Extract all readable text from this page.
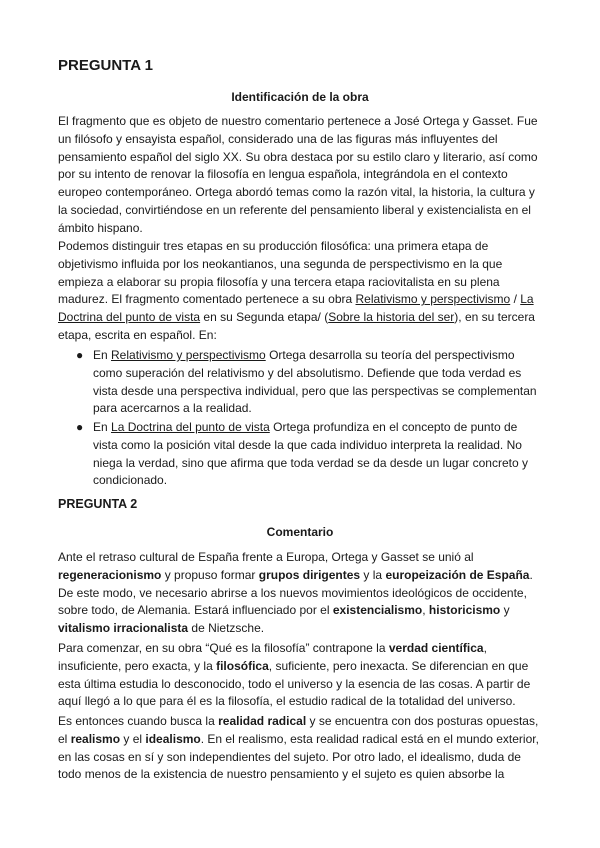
PREGUNTA 1
Identificación de la obra

El fragmento que es objeto de nuestro comentario pertenece a José Ortega y Gasset. Fue un filósofo y ensayista español, considerado una de las figuras más influyentes del pensamiento español del siglo XX. Su obra destaca por su estilo claro y literario, así como por su intento de renovar la filosofía en lengua española, integrándola en el contexto europeo contemporáneo. Ortega abordó temas como la razón vital, la historia, la cultura y la sociedad, convirtiéndose en un referente del pensamiento liberal y existencialista en el ámbito hispano.

Podemos distinguir tres etapas en su producción filosófica: una primera etapa de objetivismo influida por los neokantianos, una segunda de perspectivismo en la que empieza a elaborar su propia filosofía y una tercera etapa raciovitalista en su plena madurez. El fragmento comentado pertenece a su obra Relativismo y perspectivismo / La Doctrina del punto de vista en su Segunda etapa/ (Sobre la historia del ser), en su tercera etapa, escrita en español. En:

● En Relativismo y perspectivismo Ortega desarrolla su teoría del perspectivismo como superación del relativismo y del absolutismo. Defiende que toda verdad es vista desde una perspectiva individual, pero que las perspectivas se complementan para acercarnos a la realidad.

● En La Doctrina del punto de vista Ortega profundiza en el concepto de punto de vista como la posición vital desde la que cada individuo interpreta la realidad. No niega la verdad, sino que afirma que toda verdad se da desde un lugar concreto y condicionado.

PREGUNTA 2
Comentario

Ante el retraso cultural de España frente a Europa, Ortega y Gasset se unió al regeneracionismo y propuso formar grupos dirigentes y la europeización de España. De este modo, ve necesario abrirse a los nuevos movimientos ideológicos de occidente, sobre todo, de Alemania. Estará influenciado por el existencialismo, historicismo y vitalismo irracionalista de Nietzsche.

Para comenzar, en su obra “Qué es la filosofía” contrapone la verdad científica, insuficiente, pero exacta, y la filosófica, suficiente, pero inexacta. Se diferencian en que esta última estudia lo desconocido, todo el universo y la esencia de las cosas. A partir de aquí llegó a lo que para él es la filosofía, el estudio radical de la totalidad del universo.

Es entonces cuando busca la realidad radical y se encuentra con dos posturas opuestas, el realismo y el idealismo. En el realismo, esta realidad radical está en el mundo exterior, en las cosas en sí y son independientes del sujeto. Por otro lado, el idealismo, duda de todo menos de la existencia de nuestro pensamiento y el sujeto es quien absorbe la
